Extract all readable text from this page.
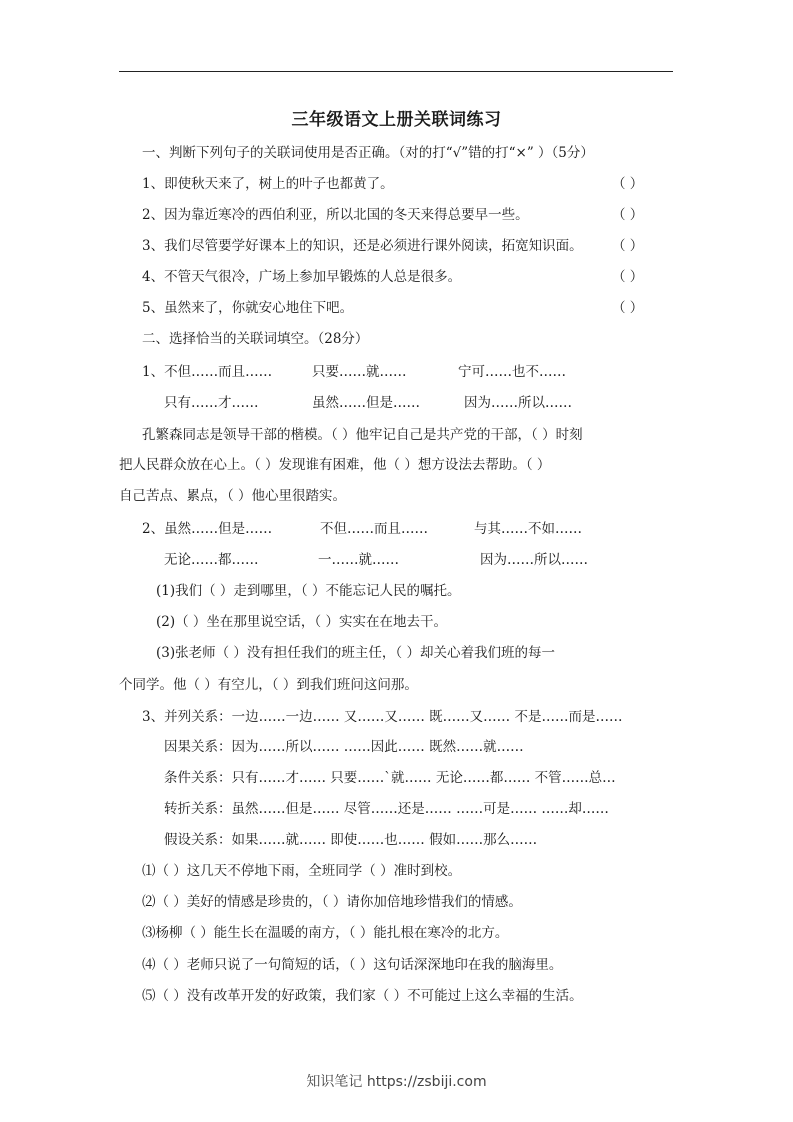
三年级语文上册关联词练习
一、判断下列句子的关联词使用是否正确。（对的打“√”错的打“×” ）（5分）
1、即使秋天来了，树上的叶子也都黄了。	（ ）
2、因为靠近寒冷的西伯利亚，所以北国的冬天来得总要早一些。	（ ）
3、我们尽管要学好课本上的知识，还是必须进行课外阅读，拓宽知识面。 （ ）
4、不管天气很冷，广场上参加早锻炼的人总是很多。	（ ）
5、虽然来了，你就安心地住下吧。	（ ）
二、选择恰当的关联词填空。（28分）
1、不但……而且……	只要……就……	宁可……也不……
只有……才……	虽然……但是……	因为……所以……
孔繁森同志是领导干部的楷模。（ ）他牢记自己是共产党的干部，（ ）时刻
把人民群众放在心上。（ ）发现谁有困难，他（ ）想方设法去帮助。（ ）
自己苦点、累点，（ ）他心里很踏实。
2、虽然……但是……	不但……而且……	与其……不如……
无论……都……	一……就……	因为……所以……
(1)我们（ ）走到哪里，（ ）不能忘记人民的嘱托。
(2)（ ）坐在那里说空话，（ ）实实在在地去干。
(3)张老师（ ）没有担任我们的班主任，（ ）却关心着我们班的每一
个同学。他（ ）有空儿，（ ）到我们班问这问那。
3、并列关系：一边……一边…… 又……又…… 既……又…… 不是……而是……
因果关系：因为……所以…… ……因此…… 既然……就……
条件关系：只有……才…… 只要……`就…… 无论……都…… 不管……总…
转折关系：虽然……但是…… 尽管……还是…… ……可是…… ……却……
假设关系：如果……就…… 即使……也…… 假如……那么……
⑴（ ）这几天不停地下雨，全班同学（ ）准时到校。
⑵（ ）美好的情感是珍贵的，（ ）请你加倍地珍惜我们的情感。
⑶杨柳（ ）能生长在温暖的南方，（ ）能扎根在寒冷的北方。
⑷（ ）老师只说了一句简短的话，（ ）这句话深深地印在我的脑海里。
⑸（ ）没有改革开发的好政策，我们家（ ）不可能过上这么幸福的生活。
知识笔记 https://zsbiji.com
